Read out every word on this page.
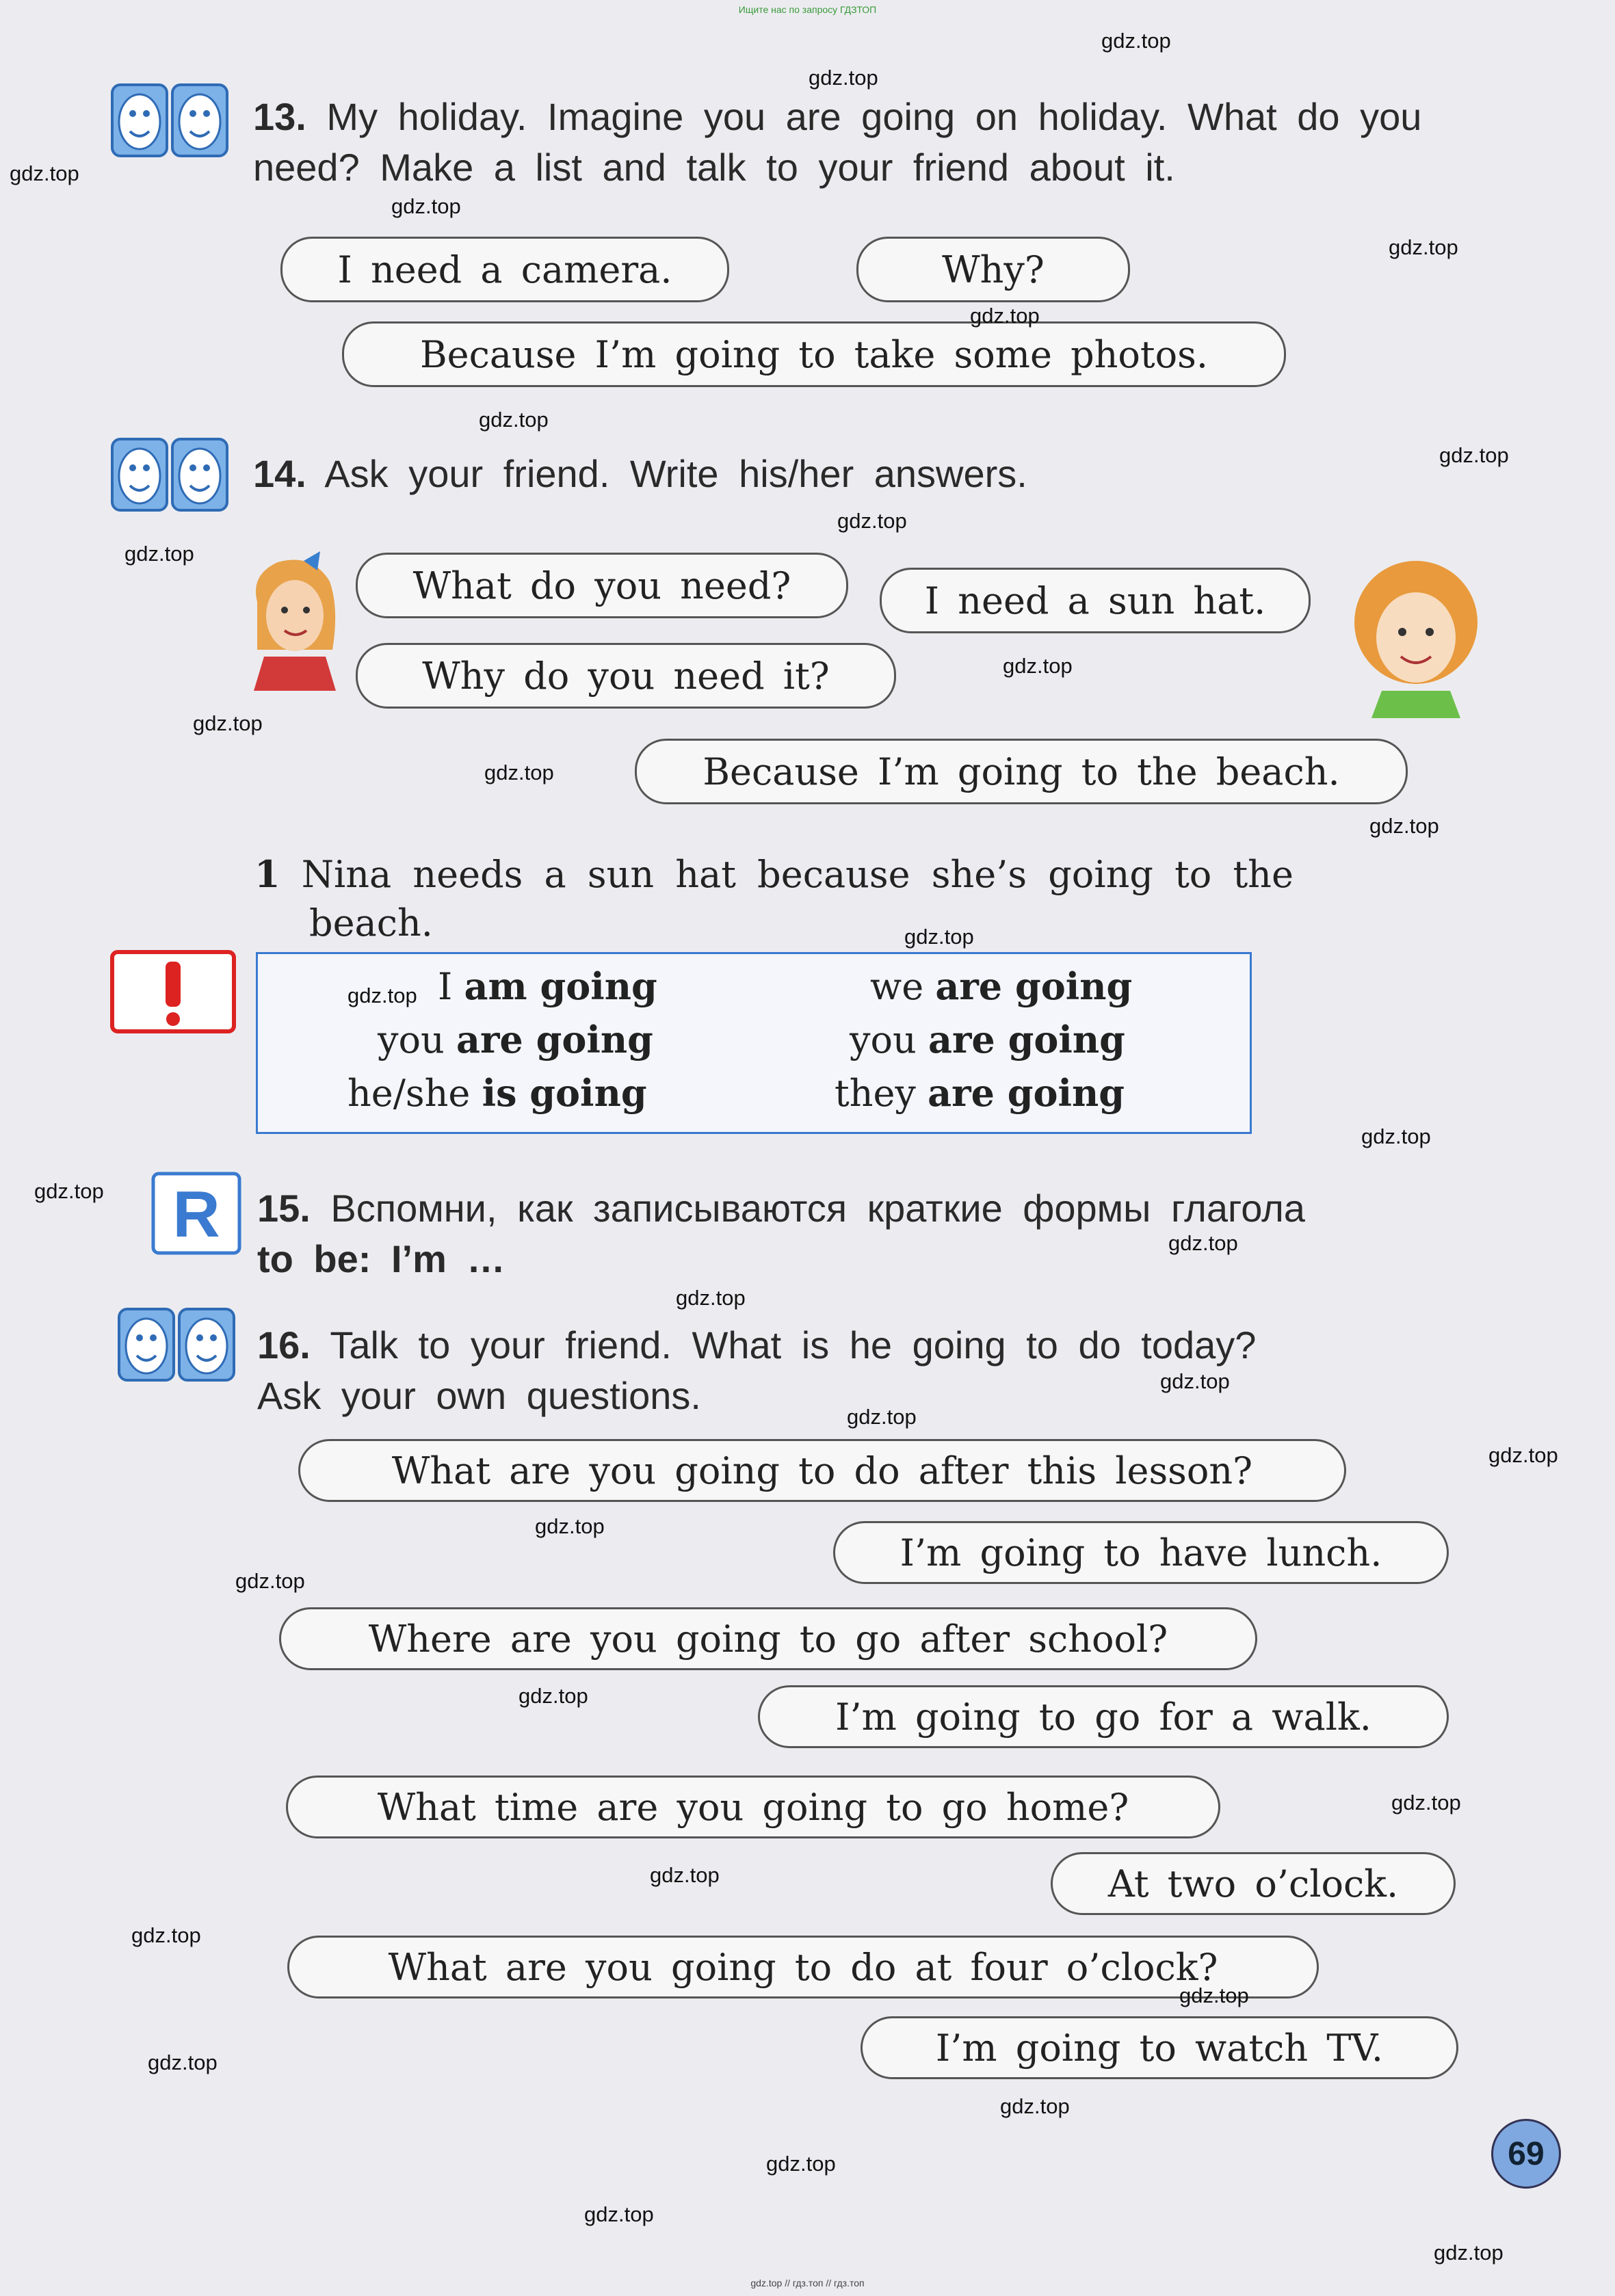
Ищите нас по запросу ГДЗТОП
13. My holiday. Imagine you are going on holiday. What do you need? Make a list and talk to your friend about it.
I need a camera.	Why?
Because I’m going to take some photos.
14. Ask your friend. Write his/her answers.
What do you need?
Why do you need it?
I need a sun hat.
Because I’m going to the beach.
1 Nina needs a sun hat because she’s going to the
beach.
I am going
you are going
he/she is going
we are going
you are going
they are going
R 15. Вспомни, как записываются краткие формы глагола
to be: I’m …
16. Talk to your friend. What is he going to do today?
Ask your own questions.
What are you going to do after this lesson?
I’m going to have lunch.
Where are you going to go after school?
I’m going to go for a walk.
What time are you going to go home?
At two o’clock.
What are you going to do at four o’clock?
I’m going to watch TV.
69
gdz.top
gdz.top
gdz.top
gdz.top
gdz.top
gdz.top
gdz.top
gdz.top
gdz.top
gdz.top
gdz.top
gdz.top
gdz.top
gdz.top
gdz.top
gdz.top
gdz.top
gdz.top
gdz.top
gdz.top
gdz.top
gdz.top
gdz.top
gdz.top
gdz.top
gdz.top
gdz.top
gdz.top
gdz.top
gdz.top
gdz.top
gdz.top
gdz.top
gdz.top
gdz.top
gdz.top // гдз.топ // гдз.топ
